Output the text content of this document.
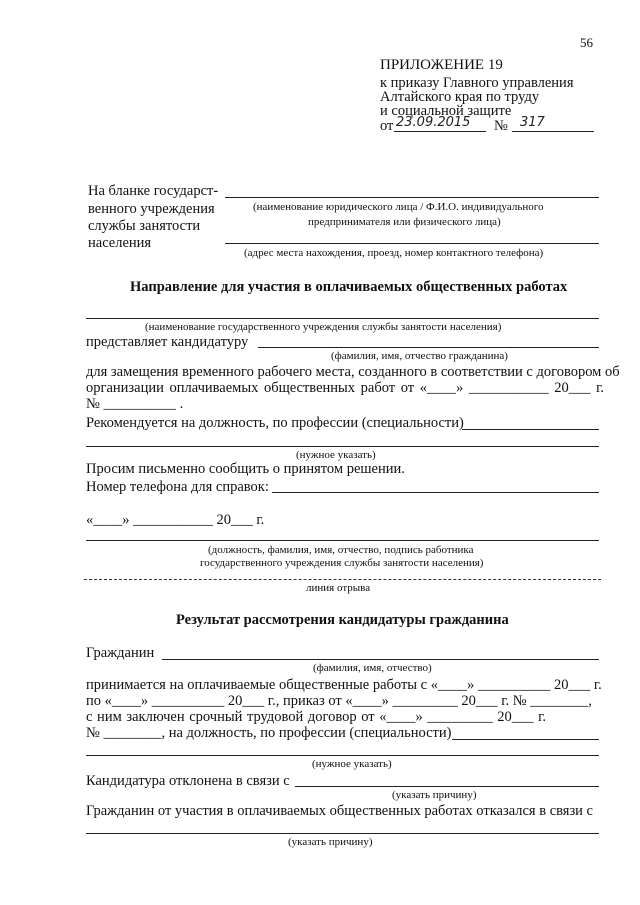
56
ПРИЛОЖЕНИЕ 19
к приказу Главного управления
Алтайского края по труду
и социальной защите
от 23.09.2015 № 317
На бланке государст-
венного учреждения
службы занятости
населения
(наименование юридического лица / Ф.И.О. индивидуального
предпринимателя или физического лица)
(адрес места нахождения, проезд, номер контактного телефона)
Направление для участия в оплачиваемых общественных работах
(наименование государственного учреждения службы занятости населения)
представляет кандидатуру
(фамилия, имя, отчество гражданина)
для замещения временного рабочего места, созданного в соответствии с договором об
организации оплачиваемых общественных работ от «____» ___________ 20___ г.
№ __________ .
Рекомендуется на должность, по профессии (специальности)
(нужное указать)
Просим письменно сообщить о принятом решении.
Номер телефона для справок:
«____» ___________ 20___ г.
(должность, фамилия, имя, отчество, подпись работника
государственного учреждения службы занятости населения)
линия отрыва
Результат рассмотрения кандидатуры гражданина
Гражданин
(фамилия, имя, отчество)
принимается на оплачиваемые общественные работы с «____» __________ 20___ г.
по «____» __________ 20___ г., приказ от «____» _________ 20___ г. № ________,
с ним заключен срочный трудовой договор от «____» _________ 20___ г.
№ ________, на должность, по профессии (специальности)
(нужное указать)
Кандидатура отклонена в связи с
(указать причину)
Гражданин от участия в оплачиваемых общественных работах отказался в связи с
(указать причину)
